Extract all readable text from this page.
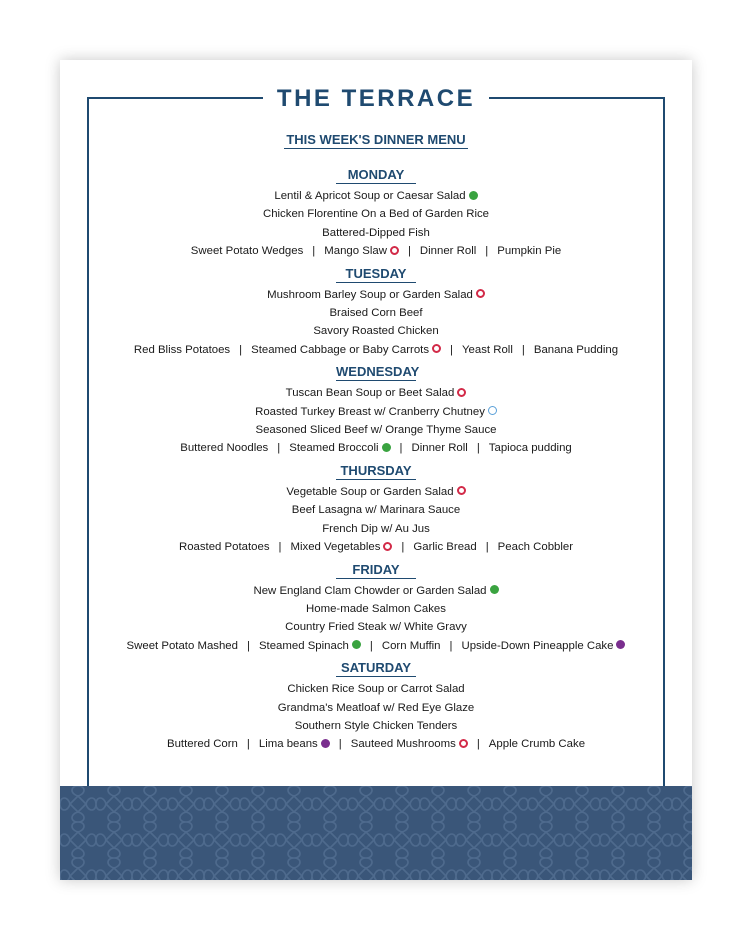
THE TERRACE
THIS WEEK'S DINNER MENU
MONDAY
Lentil & Apricot Soup or Caesar Salad
Chicken Florentine On a Bed of Garden Rice
Battered-Dipped Fish
Sweet Potato Wedges | Mango Slaw | Dinner Roll | Pumpkin Pie
TUESDAY
Mushroom Barley Soup or Garden Salad
Braised Corn Beef
Savory Roasted Chicken
Red Bliss Potatoes | Steamed Cabbage or Baby Carrots | Yeast Roll | Banana Pudding
WEDNESDAY
Tuscan Bean Soup or Beet Salad
Roasted Turkey Breast w/ Cranberry Chutney
Seasoned Sliced Beef w/ Orange Thyme Sauce
Buttered Noodles | Steamed Broccoli | Dinner Roll | Tapioca pudding
THURSDAY
Vegetable Soup or Garden Salad
Beef Lasagna w/ Marinara Sauce
French Dip w/ Au Jus
Roasted Potatoes | Mixed Vegetables | Garlic Bread | Peach Cobbler
FRIDAY
New England Clam Chowder or Garden Salad
Home-made Salmon Cakes
Country Fried Steak w/ White Gravy
Sweet Potato Mashed | Steamed Spinach | Corn Muffin | Upside-Down Pineapple Cake
SATURDAY
Chicken Rice Soup or Carrot Salad
Grandma's Meatloaf w/ Red Eye Glaze
Southern Style Chicken Tenders
Buttered Corn | Lima beans | Sauteed Mushrooms | Apple Crumb Cake
